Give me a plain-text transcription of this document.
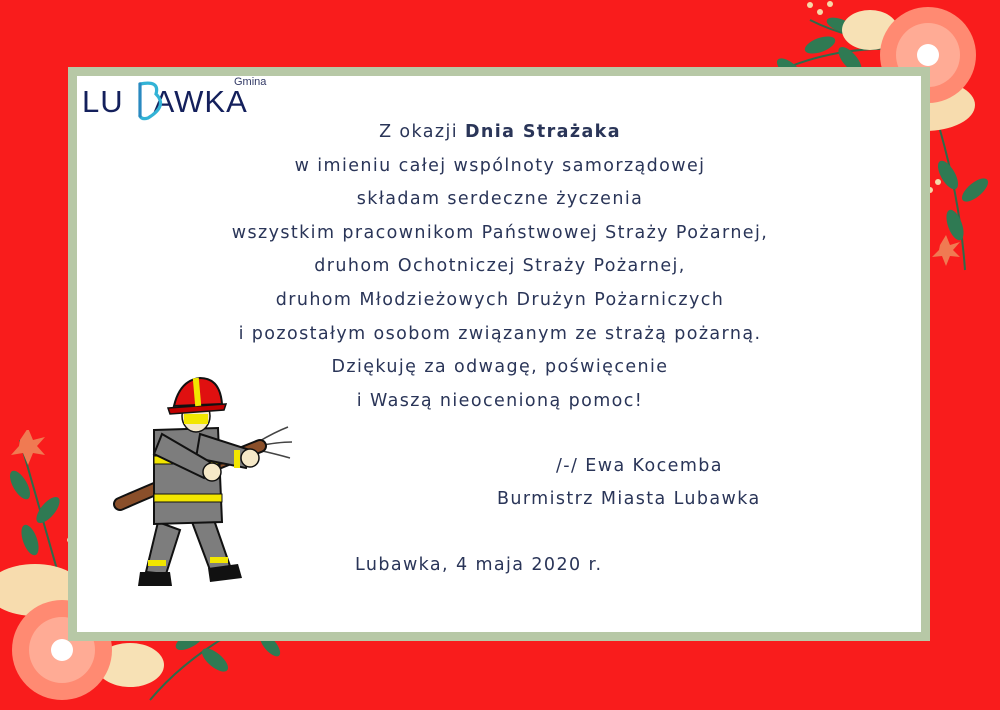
Gmina
LU AWKA

Z okazji Dnia Strażaka

w imieniu całej wspólnoty samorządowej

składam serdeczne życzenia

wszystkim pracownikom Państwowej Straży Pożarnej,

druhom Ochotniczej Straży Pożarnej,

druhom Młodzieżowych Drużyn Pożarniczych

i pozostałym osobom związanym ze strażą pożarną.

Dziękuję za odwagę, poświęcenie

i Waszą nieocenioną pomoc!

/-/ Ewa Kocemba
Burmistrz Miasta Lubawka
Lubawka, 4 maja 2020 r.
